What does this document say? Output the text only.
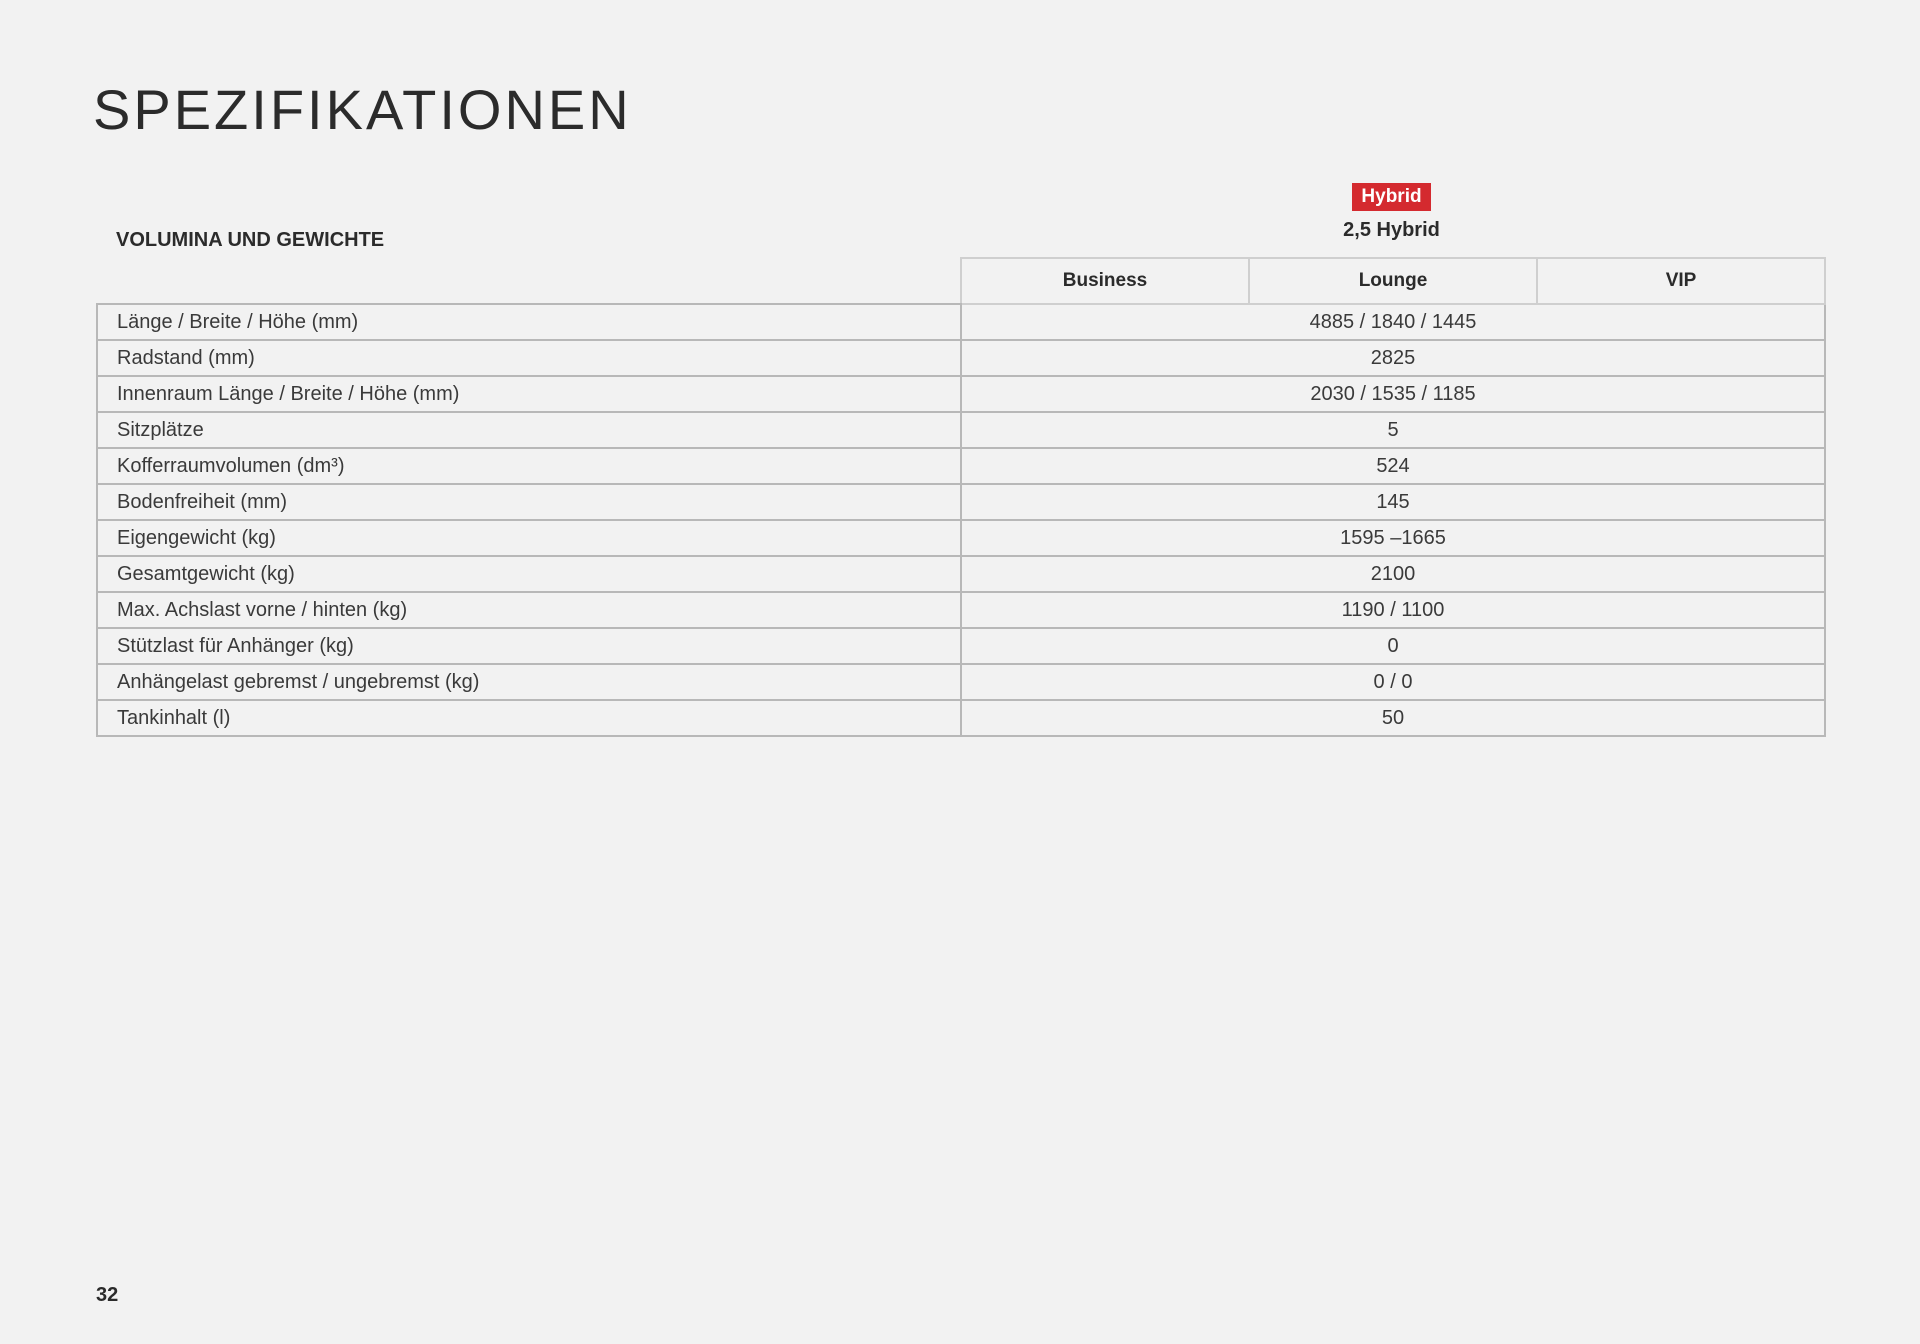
SPEZIFIKATIONEN
VOLUMINA UND GEWICHTE
Hybrid
2,5 Hybrid
	Business	Lounge	VIP
Länge / Breite / Höhe (mm)	4885 / 1840 / 1445		
Radstand (mm)	2825		
Innenraum Länge / Breite / Höhe (mm)	2030 / 1535 / 1185		
Sitzplätze	5		
Kofferraumvolumen (dm³)	524		
Bodenfreiheit (mm)	145		
Eigengewicht (kg)	1595 –1665		
Gesamtgewicht (kg)	2100		
Max. Achslast vorne / hinten (kg)	1190 / 1100		
Stützlast für Anhänger (kg)	0		
Anhängelast gebremst / ungebremst (kg)	0 / 0		
Tankinhalt (l)	50		
32
